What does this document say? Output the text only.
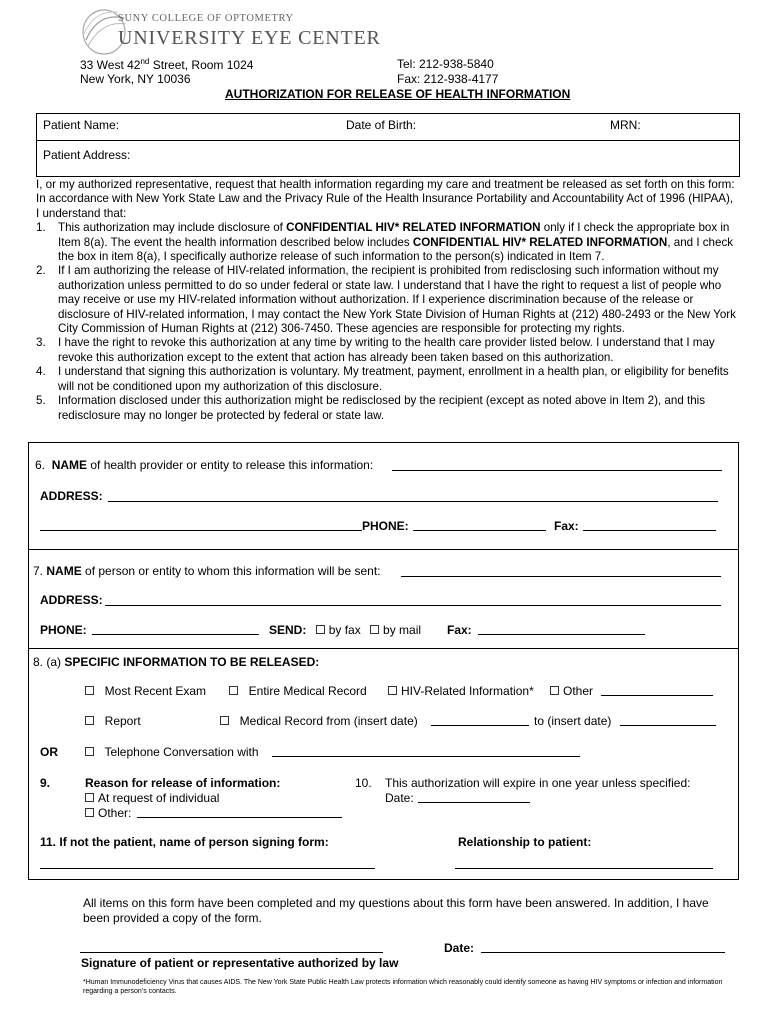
SUNY COLLEGE OF OPTOMETRY
UNIVERSITY EYE CENTER
33 West 42nd Street, Room 1024
New York, NY 10036
Tel: 212-938-5840
Fax: 212-938-4177
AUTHORIZATION FOR RELEASE OF HEALTH INFORMATION
Patient Name:	Date of Birth:	MRN:
Patient Address:

I, or my authorized representative, request that health information regarding my care and treatment be released as set forth on this form: In accordance with New York State Law and the Privacy Rule of the Health Insurance Portability and Accountability Act of 1996 (HIPAA), I understand that:

1. This authorization may include disclosure of CONFIDENTIAL HIV* RELATED INFORMATION only if I check the appropriate box in Item 8(a). The event the health information described below includes CONFIDENTIAL HIV* RELATED INFORMATION, and I check the box in item 8(a), I specifically authorize release of such information to the person(s) indicated in Item 7.
2. If I am authorizing the release of HIV-related information, the recipient is prohibited from redisclosing such information without my authorization unless permitted to do so under federal or state law. I understand that I have the right to request a list of people who may receive or use my HIV-related information without authorization. If I experience discrimination because of the release or disclosure of HIV-related information, I may contact the New York State Division of Human Rights at (212) 480-2493 or the New York City Commission of Human Rights at (212) 306-7450. These agencies are responsible for protecting my rights.
3. I have the right to revoke this authorization at any time by writing to the health care provider listed below. I understand that I may revoke this authorization except to the extent that action has already been taken based on this authorization.
4. I understand that signing this authorization is voluntary. My treatment, payment, enrollment in a health plan, or eligibility for benefits will not be conditioned upon my authorization of this disclosure.
5. Information disclosed under this authorization might be redisclosed by the recipient (except as noted above in Item 2), and this redisclosure may no longer be protected by federal or state law.
6. NAME of health provider or entity to release this information:
ADDRESS:
PHONE:	Fax:
7. NAME of person or entity to whom this information will be sent:
ADDRESS:
PHONE:	SEND: by fax by mail Fax:
8. (a) SPECIFIC INFORMATION TO BE RELEASED:
Most Recent Exam	Entire Medical Record	HIV-Related Information*	Other
Report	Medical Record from (insert date)	to (insert date)
OR	Telephone Conversation with
9.	Reason for release of information:
At request of individual
Other:
10. This authorization will expire in one year unless specified:
Date:
11. If not the patient, name of person signing form:	Relationship to patient:
All items on this form have been completed and my questions about this form have been answered. In addition, I have been provided a copy of the form.
Date:
Signature of patient or representative authorized by law
*Human Immunodeficiency Virus that causes AIDS. The New York State Public Health Law protects information which reasonably could identify someone as having HIV symptoms or infection and information regarding a person’s contacts.
